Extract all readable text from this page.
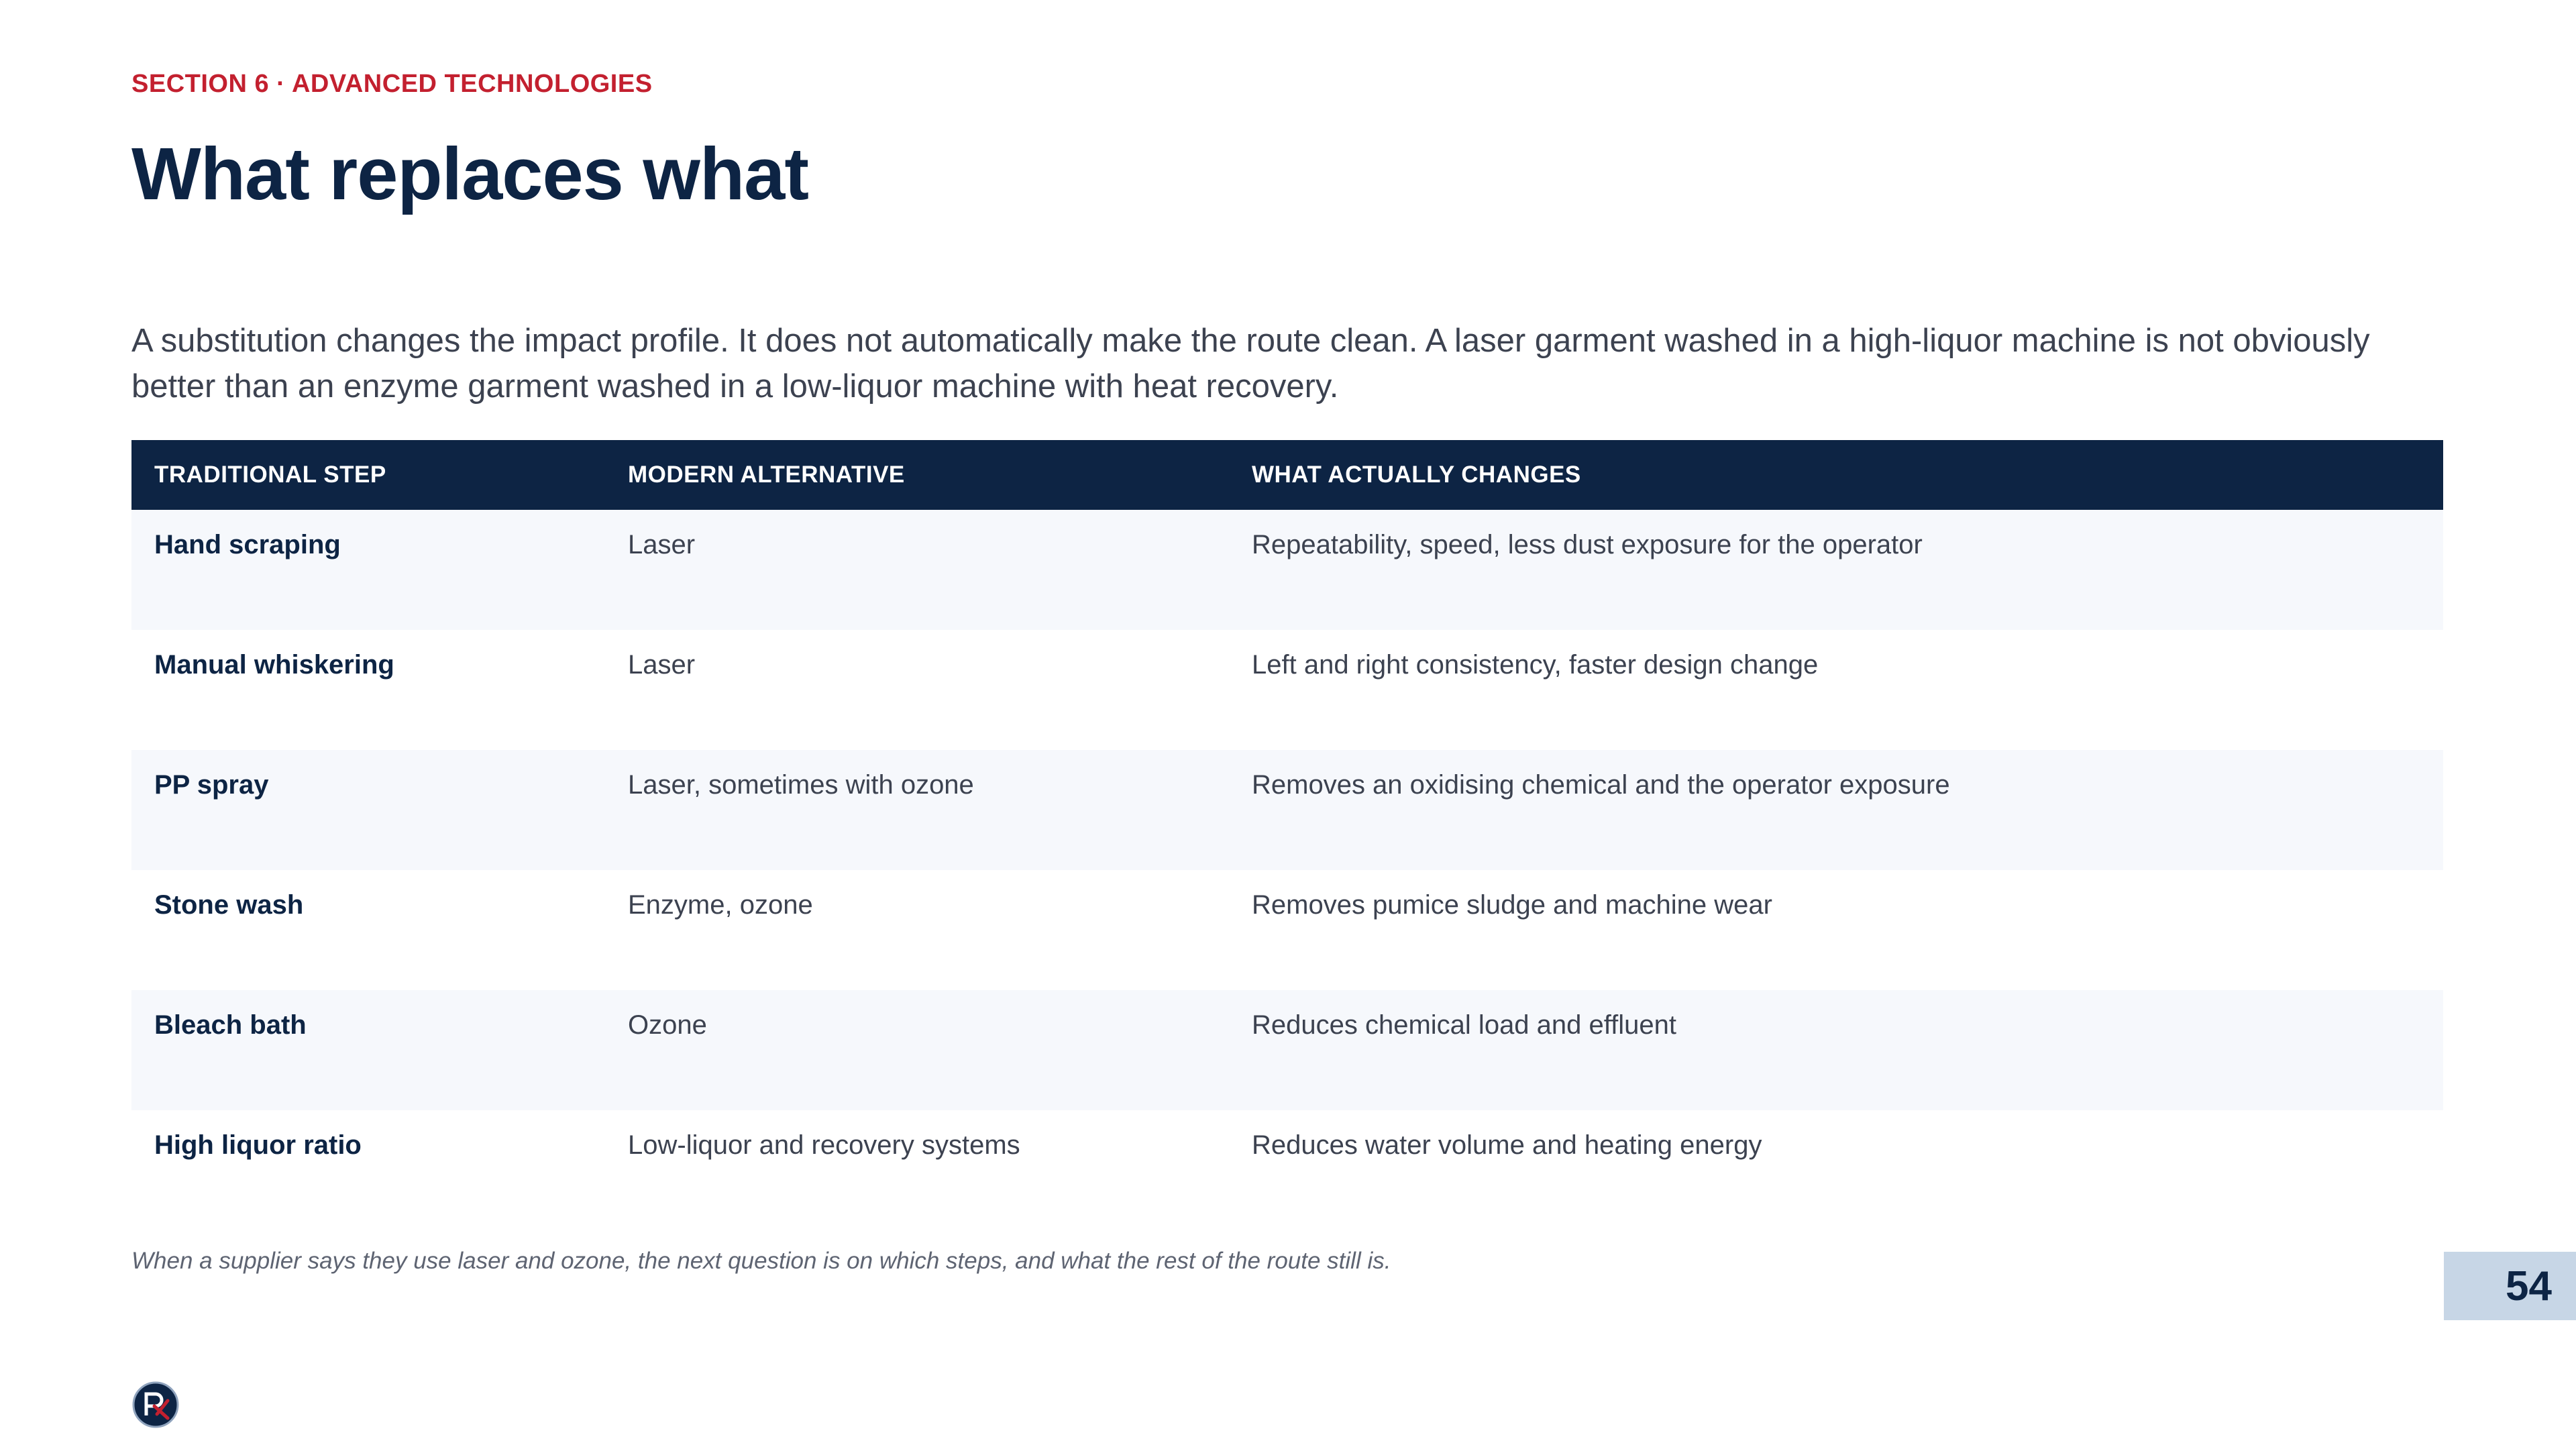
SECTION 6 · ADVANCED TECHNOLOGIES
What replaces what

A substitution changes the impact profile. It does not automatically make the route clean. A laser garment washed in a high-liquor machine is not obviously better than an enzyme garment washed in a low-liquor machine with heat recovery.

TRADITIONAL STEP	MODERN ALTERNATIVE	WHAT ACTUALLY CHANGES
Hand scraping	Laser	Repeatability, speed, less dust exposure for the operator
Manual whiskering	Laser	Left and right consistency, faster design change
PP spray	Laser, sometimes with ozone	Removes an oxidising chemical and the operator exposure
Stone wash	Enzyme, ozone	Removes pumice sludge and machine wear
Bleach bath	Ozone	Reduces chemical load and effluent
High liquor ratio	Low-liquor and recovery systems	Reduces water volume and heating energy

When a supplier says they use laser and ozone, the next question is on which steps, and what the rest of the route still is.

54
